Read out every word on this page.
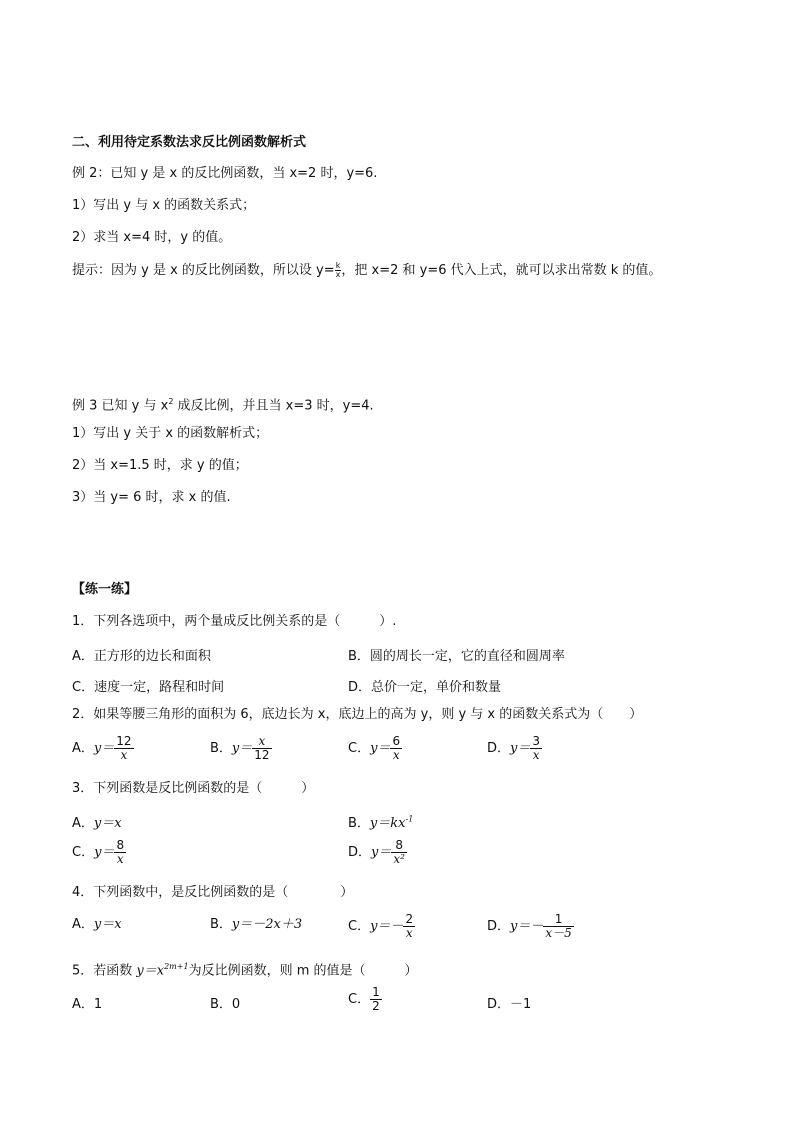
二、利用待定系数法求反比例函数解析式
例 2：已知 y 是 x 的反比例函数，当 x=2 时，y=6.
1）写出 y 与 x 的函数关系式；
2）求当 x=4 时，y 的值。
提示：因为 y 是 x 的反比例函数，所以设 $y= \frac{k}{x}$ ，把 x=2 和 y=6 代入上式，就可以求出常数 k 的值。
例 3 已知 y 与 $x^2$ 成反比例，并且当 x=3 时，y=4.
1）写出 y 关于 x 的函数解析式；
2）当 x=1.5 时，求 y 的值；
3）当 y= 6 时，求 x 的值.
【练一练】
1．下列各选项中，两个量成反比例关系的是（　　　）.
A．正方形的边长和面积	B．圆的周长一定，它的直径和圆周率
C．速度一定，路程和时间	D．总价一定，单价和数量
2．如果等腰三角形的面积为 6，底边长为 x，底边上的高为 y，则 y 与 x 的函数关系式为（　　）
A．$y= \frac{12}{x}$	B．$y= \frac{x}{12}$	C．$y= \frac{6}{x}$	D．$y= \frac{3}{x}$
3．下列函数是反比例函数的是（　　　）
A．y＝x	B．$y=kx^{-1}$
C．$y= \frac{8}{x}$	D．$y= \frac{8}{\text{x²}}$
4．下列函数中，是反比例函数的是（　　　　）
A．y＝x	B．y＝－2x＋3	C．$y=- \frac{2}{x}$	D．$y=- \frac{1}{x-5}$
5．若函数 $y=x^{2m+1}$为反比例函数，则 m 的值是（　　　）
A．1	B．0	C． $\frac{1}{2}$	D．－1
